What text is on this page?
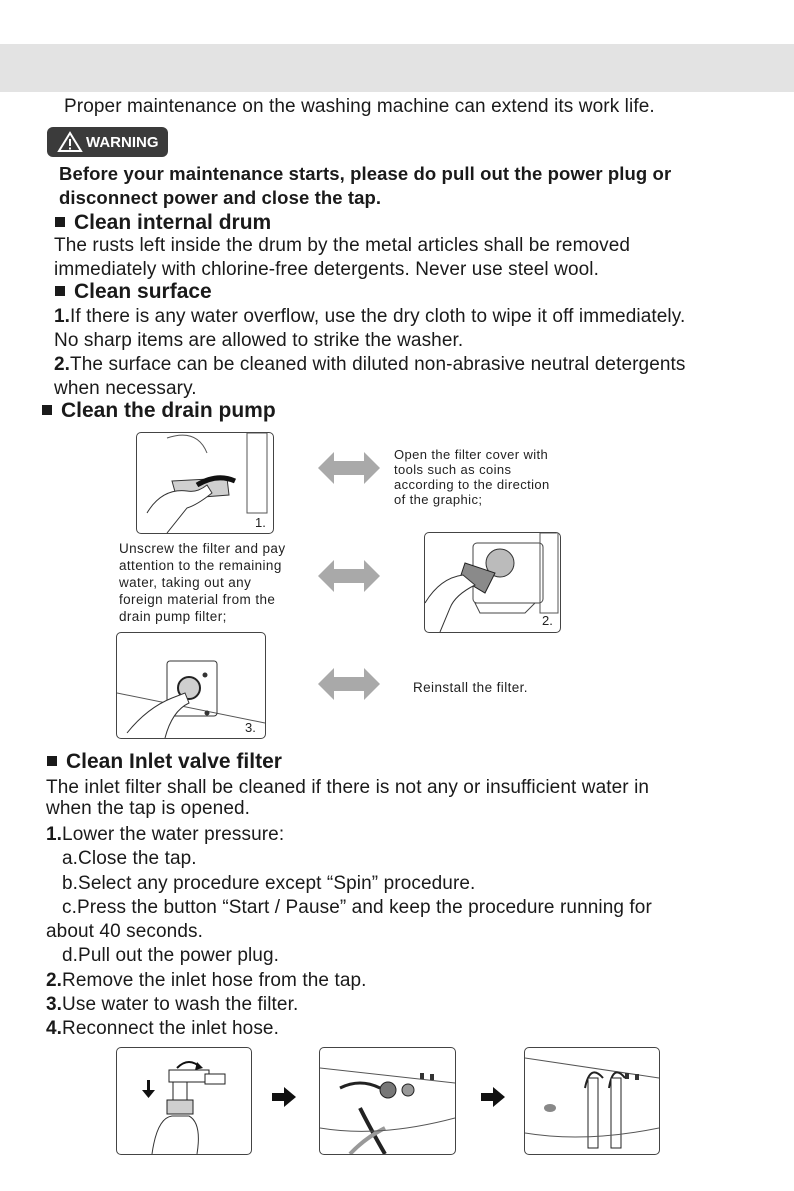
Proper maintenance on the washing machine can extend its work life.
WARNING
Before your maintenance starts, please do pull out the power plug or
disconnect power and close the tap.
Clean internal drum
The rusts left inside the drum by the metal articles shall be removed
immediately with chlorine-free detergents. Never use steel wool.
Clean surface
1.If there is any water overflow, use the dry cloth to wipe it off immediately.
No sharp items are allowed to strike the washer.
2.The surface can be cleaned with diluted non-abrasive neutral detergents
when necessary.
Clean the drain pump
1.
Open the filter cover with
tools such as coins
according to the direction
of the graphic;
Unscrew the filter and pay
attention to the remaining
water, taking out any
foreign material from the
drain pump filter;	2.
3.
Reinstall the filter.
Clean Inlet valve filter
The inlet filter shall be cleaned if there is not any or insufficient water in
when the tap is opened.
1.Lower the water pressure:
a.Close the tap.
b.Select any procedure except “Spin” procedure.
c.Press the button “Start / Pause” and keep the procedure running for
about 40 seconds.
d.Pull out the power plug.
2.Remove the inlet hose from the tap.
3.Use water to wash the filter.
4.Reconnect the inlet hose.
